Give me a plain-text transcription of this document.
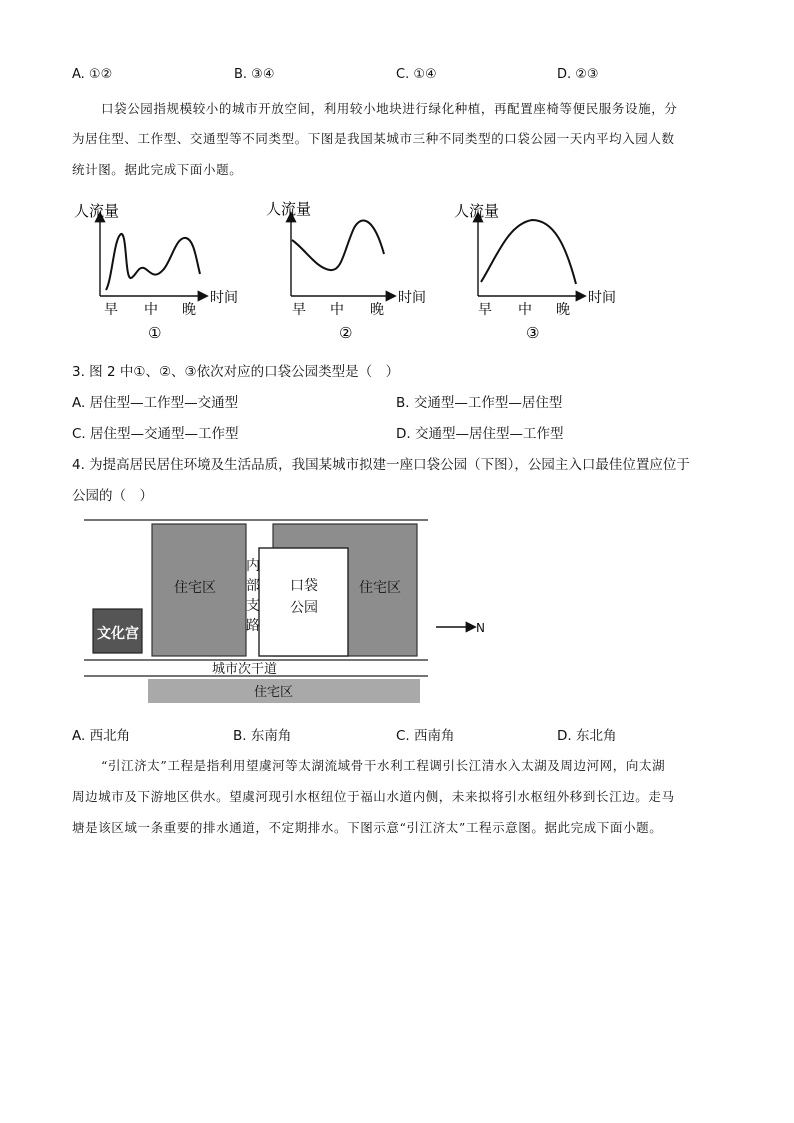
A. ①②	B. ③④	C. ①④	D. ②③
口袋公园指规模较小的城市开放空间，利用较小地块进行绿化种植，再配置座椅等便民服务设施，分
为居住型、工作型、交通型等不同类型。下图是我国某城市三种不同类型的口袋公园一天内平均入园人数
统计图。据此完成下面小题。
人流量
时间
早 中 晚
①
人流量
时间
早 中 晚
②
人流量
时间
早 中 晚
③
3. 图 2 中①、②、③依次对应的口袋公园类型是（　）
A. 居住型—工作型—交通型	B. 交通型—工作型—居住型
C. 居住型—交通型—工作型	D. 交通型—居住型—工作型
4. 为提高居民居住环境及生活品质，我国某城市拟建一座口袋公园（下图），公园主入口最佳位置应位于
公园的（　）
住宅区	住宅区
文化宫
内
部
支
路
口袋
公园
城市次干道
住宅区
N
A. 西北角	B. 东南角	C. 西南角	D. 东北角
“引江济太”工程是指利用望虞河等太湖流域骨干水利工程调引长江清水入太湖及周边河网，向太湖
周边城市及下游地区供水。望虞河现引水枢纽位于福山水道内侧，未来拟将引水枢纽外移到长江边。走马
塘是该区域一条重要的排水通道，不定期排水。下图示意“引江济太”工程示意图。据此完成下面小题。
